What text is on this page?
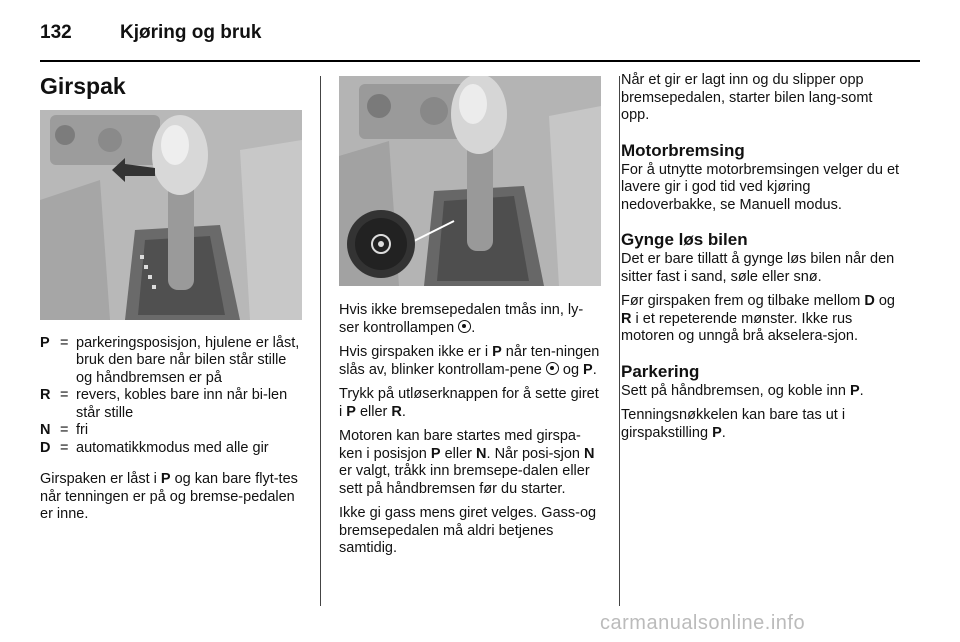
132	Kjøring og bruk
Girspak
P = parkeringsposisjon, hjulene er låst, bruk den bare når bilen står stille og håndbremsen er på
R = revers, kobles bare inn når bi-len står stille
N = fri
D = automatikkmodus med alle gir

Girspaken er låst i P og kan bare flyt-tes når tenningen er på og bremse-pedalen er inne.

Hvis ikke bremsepedalen tmås inn, ly-ser kontrollampen .

Hvis girspaken ikke er i P når ten-ningen slås av, blinker kontrollam-pene  og P.

Trykk på utløserknappen for å sette giret i P eller R.

Motoren kan bare startes med girspa-ken i posisjon P eller N. Når posi-sjon N er valgt, tråkk inn bremsepe-dalen eller sett på håndbremsen før du starter.

Ikke gi gass mens giret velges. Gass-og bremsepedalen må aldri betjenes samtidig.

Når et gir er lagt inn og du slipper opp bremsepedalen, starter bilen lang-somt opp.

Motorbremsing

For å utnytte motorbremsingen velger du et lavere gir i god tid ved kjøring nedoverbakke, se Manuell modus.

Gynge løs bilen

Det er bare tillatt å gynge løs bilen når den sitter fast i sand, søle eller snø.

Før girspaken frem og tilbake mellom D og R i et repeterende mønster. Ikke rus motoren og unngå brå akselera-sjon.

Parkering

Sett på håndbremsen, og koble inn P.

Tenningsnøkkelen kan bare tas ut i girspakstilling P.

carmanualsonline.info
